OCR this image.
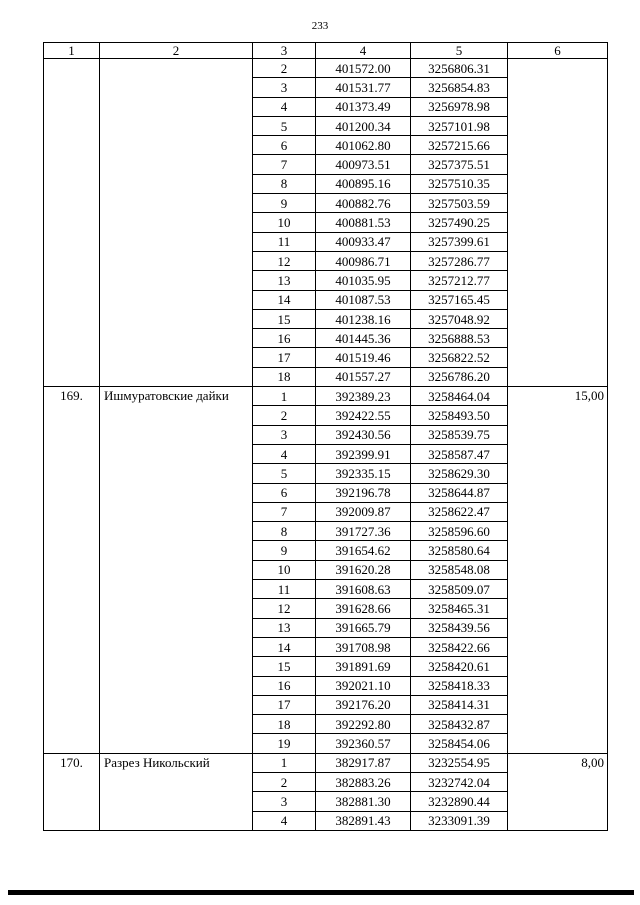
233
1	2	3	4	5	6
		2	401572.00	3256806.31	
		3	401531.77	3256854.83	
		4	401373.49	3256978.98	
		5	401200.34	3257101.98	
		6	401062.80	3257215.66	
		7	400973.51	3257375.51	
		8	400895.16	3257510.35	
		9	400882.76	3257503.59	
		10	400881.53	3257490.25	
		11	400933.47	3257399.61	
		12	400986.71	3257286.77	
		13	401035.95	3257212.77	
		14	401087.53	3257165.45	
		15	401238.16	3257048.92	
		16	401445.36	3256888.53	
		17	401519.46	3256822.52	
		18	401557.27	3256786.20	
169.	Ишмуратовские дайки	1	392389.23	3258464.04	15,00
		2	392422.55	3258493.50	
		3	392430.56	3258539.75	
		4	392399.91	3258587.47	
		5	392335.15	3258629.30	
		6	392196.78	3258644.87	
		7	392009.87	3258622.47	
		8	391727.36	3258596.60	
		9	391654.62	3258580.64	
		10	391620.28	3258548.08	
		11	391608.63	3258509.07	
		12	391628.66	3258465.31	
		13	391665.79	3258439.56	
		14	391708.98	3258422.66	
		15	391891.69	3258420.61	
		16	392021.10	3258418.33	
		17	392176.20	3258414.31	
		18	392292.80	3258432.87	
		19	392360.57	3258454.06	
170.	Разрез Никольский	1	382917.87	3232554.95	8,00
		2	382883.26	3232742.04	
		3	382881.30	3232890.44	
		4	382891.43	3233091.39	
